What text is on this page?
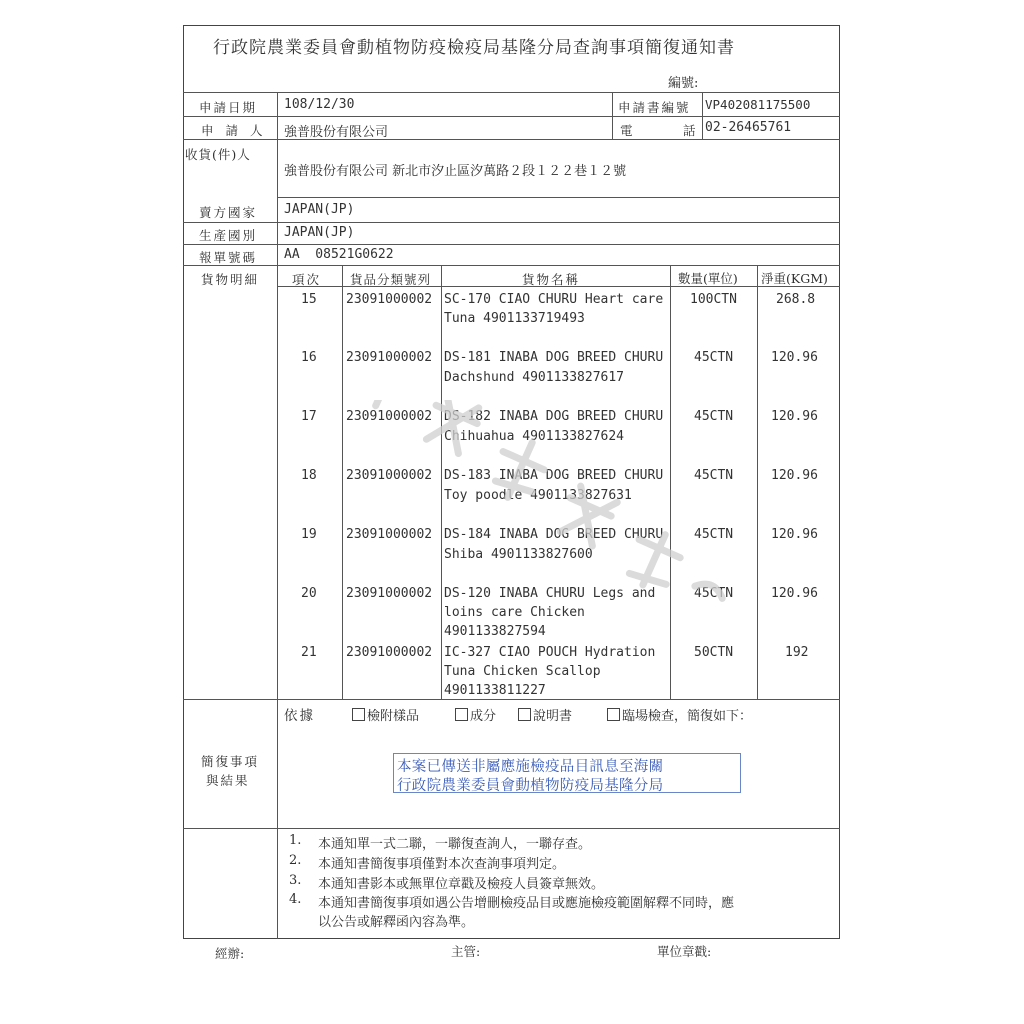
行政院農業委員會動植物防疫檢疫局基隆分局查詢事項簡復通知書
編號:
申請日期 108/12/30	申請書編號 VP402081175500
申 請 人 強普股份有限公司	電	話 02-26465761
收貨(件)人
強普股份有限公司 新北市汐止區汐萬路２段１２２巷１２號
賣方國家 JAPAN(JP)
生產國別 JAPAN(JP)
報單號碼 AA  08521G0622
貨物明細	項次 貨品分類號列	貨物名稱	數量(單位) 淨重(KGM)
15 23091000002 SC-170 CIAO CHURU Heart care
Tuna 4901133719493
100CTN	268.8
16 23091000002 DS-181 INABA DOG BREED CHURU
Dachshund 4901133827617
45CTN	120.96
17 23091000002 DS-182 INABA DOG BREED CHURU
Chihuahua 4901133827624
45CTN	120.96
18 23091000002 DS-183 INABA DOG BREED CHURU
Toy poodle 4901133827631
45CTN	120.96
19 23091000002 DS-184 INABA DOG BREED CHURU
Shiba 4901133827600
45CTN	120.96
20 23091000002 DS-120 INABA CHURU Legs and
loins care Chicken
4901133827594
45CTN	120.96
21 23091000002 IC-327 CIAO POUCH Hydration
Tuna Chicken Scallop
4901133811227
50CTN	192
依據	檢附樣品	成分	說明書	臨場檢查，簡復如下：
簡復事項
與結果
本案已傳送非屬應施檢疫品目訊息至海關
行政院農業委員會動植物防疫局基隆分局
1. 本通知單一式二聯，一聯復查詢人，一聯存查。
2. 本通知書簡復事項僅對本次查詢事項判定。
3. 本通知書影本或無單位章戳及檢疫人員簽章無效。
4. 本通知書簡復事項如遇公告增刪檢疫品目或應施檢疫範圍解釋不同時，應
以公告或解釋函內容為準。
經辦:	主管:	單位章戳:
